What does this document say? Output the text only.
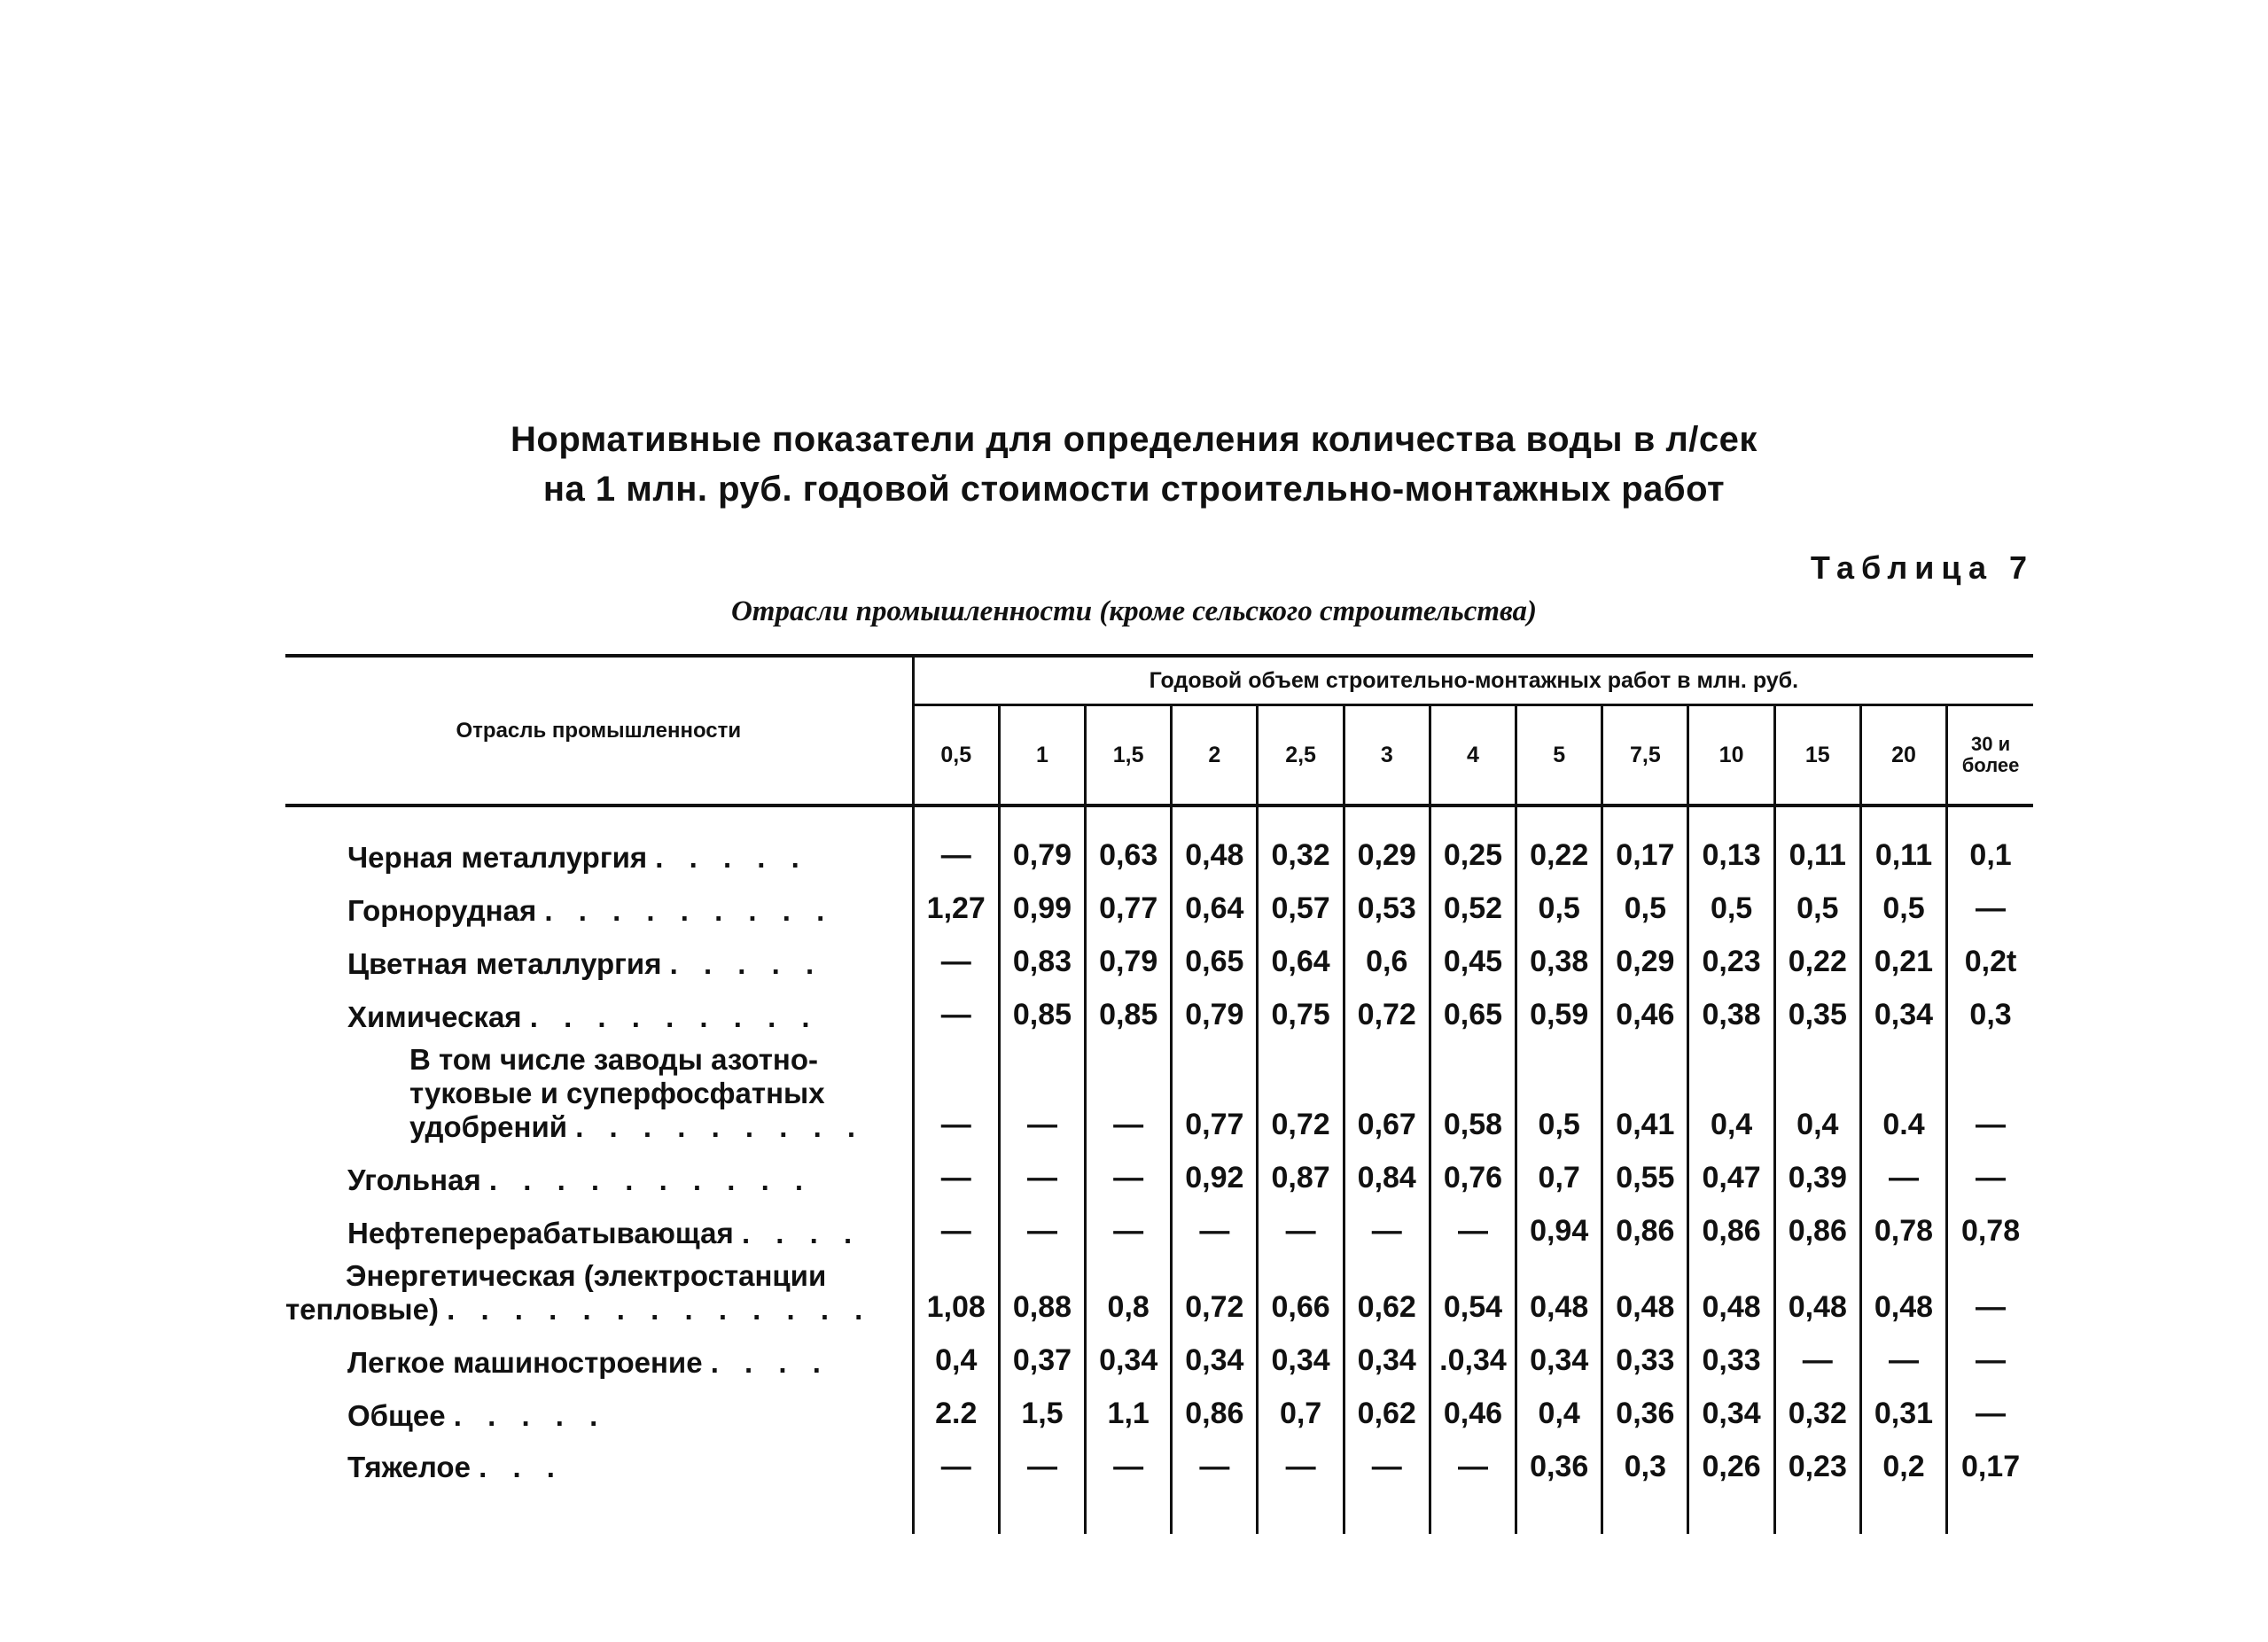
Нормативные показатели для определения количества воды в л/сек
на 1 млн. руб. годовой стоимости строительно-монтажных работ
Таблица 7
Отрасли промышленности (кроме сельского строительства)
Отрасль промышленности	Годовой объем строительно-монтажных работ в млн. руб.												
	0,5	1	1,5	2	2,5	3	4	5	7,5	10	15	20	30 и более
Черная металлургия . . . . .	—	0,79	0,63	0,48	0,32	0,29	0,25	0,22	0,17	0,13	0,11	0,11	0,1
Горнорудная . . . . . . . . .	1,27	0,99	0,77	0,64	0,57	0,53	0,52	0,5	0,5	0,5	0,5	0,5	—
Цветная металлургия . . . . .	—	0,83	0,79	0,65	0,64	0,6	0,45	0,38	0,29	0,23	0,22	0,21	0,2t
Химическая . . . . . . . . .	—	0,85	0,85	0,79	0,75	0,72	0,65	0,59	0,46	0,38	0,35	0,34	0,3
В том числе заводы азотно-туковые и суперфосфатных удобрений . . . . . . . . .	—	—	—	0,77	0,72	0,67	0,58	0,5	0,41	0,4	0,4	0.4	—
Угольная . . . . . . . . . .	—	—	—	0,92	0,87	0,84	0,76	0,7	0,55	0,47	0,39	—	—
Нефтеперерабатывающая . . . .	—	—	—	—	—	—	—	0,94	0,86	0,86	0,86	0,78	0,78
Энергетическая (электростанции тепловые) . . . . . . . . . . . . .	1,08	0,88	0,8	0,72	0,66	0,62	0,54	0,48	0,48	0,48	0,48	0,48	—
Легкое машиностроение . . . .	0,4	0,37	0,34	0,34	0,34	0,34	.0,34	0,34	0,33	0,33	—	—	—
Общее . . . . .	2.2	1,5	1,1	0,86	0,7	0,62	0,46	0,4	0,36	0,34	0,32	0,31	—
Тяжелое . . .	—	—	—	—	—	—	—	0,36	0,3	0,26	0,23	0,2	0,17
